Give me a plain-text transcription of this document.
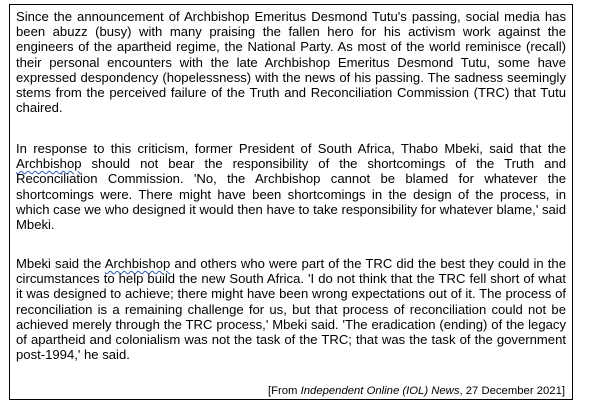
Since the announcement of Archbishop Emeritus Desmond Tutu's passing, social media has been abuzz (busy) with many praising the fallen hero for his activism work against the engineers of the apartheid regime, the National Party. As most of the world reminisce (recall) their personal encounters with the late Archbishop Emeritus Desmond Tutu, some have expressed despondency (hopelessness) with the news of his passing. The sadness seemingly stems from the perceived failure of the Truth and Reconciliation Commission (TRC) that Tutu chaired.

In response to this criticism, former President of South Africa, Thabo Mbeki, said that the Archbishop should not bear the responsibility of the shortcomings of the Truth and Reconciliation Commission. 'No, the Archbishop cannot be blamed for whatever the shortcomings were. There might have been shortcomings in the design of the process, in which case we who designed it would then have to take responsibility for whatever blame,' said Mbeki.

Mbeki said the Archbishop and others who were part of the TRC did the best they could in the circumstances to help build the new South Africa. 'I do not think that the TRC fell short of what it was designed to achieve; there might have been wrong expectations out of it. The process of reconciliation is a remaining challenge for us, but that process of reconciliation could not be achieved merely through the TRC process,' Mbeki said. 'The eradication (ending) of the legacy of apartheid and colonialism was not the task of the TRC; that was the task of the government post-1994,' he said.

[From Independent Online (IOL) News, 27 December 2021]
